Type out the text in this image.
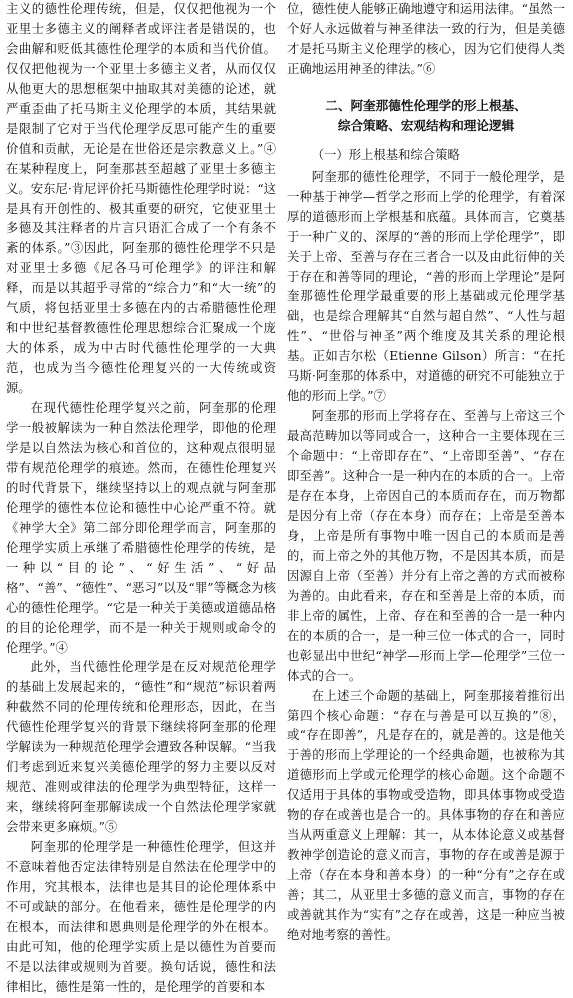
主义的德性伦理传统，但是，仅仅把他视为一个亚里士多德主义的阐释者或评注者是错误的，也会曲解和贬低其德性伦理学的本质和当代价值。仅仅把他视为一个亚里士多德主义者，从而仅仅从他更大的思想框架中抽取其对美德的论述，就严重歪曲了托马斯主义伦理学的本质，其结果就是限制了它对于当代伦理学反思可能产生的重要价值和贡献，无论是在世俗还是宗教意义上。”④在某种程度上，阿奎那甚至超越了亚里士多德主义。安东尼·肯尼评价托马斯德性伦理学时说：“这是具有开创性的、极其重要的研究，它使亚里士多德及其注释者的片言只语汇合成了一个有条不紊的体系。”③因此，阿奎那的德性伦理学不只是对亚里士多德《尼各马可伦理学》的评注和解释，而是以其超乎寻常的“综合力”和“大一统”的气质，将包括亚里士多德在内的古希腊德性伦理和中世纪基督教德性伦理思想综合汇聚成一个庞大的体系，成为中古时代德性伦理学的一大典范，也成为当今德性伦理复兴的一大传统或资源。

在现代德性伦理学复兴之前，阿奎那的伦理学一般被解读为一种自然法伦理学，即他的伦理学是以自然法为核心和首位的，这种观点很明显带有规范伦理学的痕迹。然而，在德性伦理复兴的时代背景下，继续坚持以上的观点就与阿奎那伦理学的德性本位论和德性中心论严重不符。就《神学大全》第二部分即伦理学而言，阿奎那的伦理学实质上承继了希腊德性伦理学的传统，是一种以“目的论”、“好生活”、“好品格”、“善”、“德性”、“恶习”以及“罪”等概念为核心的德性伦理学。“它是一种关于美德或道德品格的目的论伦理学，而不是一种关于规则或命令的伦理学。”④

此外，当代德性伦理学是在反对规范伦理学的基础上发展起来的，“德性”和“规范”标识着两种截然不同的伦理传统和伦理形态，因此，在当代德性伦理学复兴的背景下继续将阿奎那的伦理学解读为一种规范伦理学会遭致各种误解。“当我们考虑到近来复兴美德伦理学的努力主要以反对规范、准则或律法的伦理学为典型特征，这样一来，继续将阿奎那解读成一个自然法伦理学家就会带来更多麻烦。”⑤

阿奎那的伦理学是一种德性伦理学，但这并不意味着他否定法律特别是自然法在伦理学中的作用，究其根本，法律也是其目的论伦理体系中不可或缺的部分。在他看来，德性是伦理学的内在根本，而法律和恩典则是伦理学的外在根本。由此可知，他的伦理学实质上是以德性为首要而不是以法律或规则为首要。换句话说，德性和法律相比，德性是第一性的，是伦理学的首要和本

位，德性使人能够正确地遵守和运用法律。“虽然一个好人永远做着与神圣律法一致的行为，但是美德才是托马斯主义伦理学的核心，因为它们使得人类正确地运用神圣的律法。”⑥

二、阿奎那德性伦理学的形上根基、
综合策略、宏观结构和理论逻辑

（一）形上根基和综合策略

阿奎那的德性伦理学，不同于一般伦理学，是一种基于神学—哲学之形而上学的伦理学，有着深厚的道德形而上学根基和底蕴。具体而言，它奠基于一种广义的、深厚的“善的形而上学伦理学”，即关于上帝、至善与存在三者合一以及由此衍伸的关于存在和善等同的理论，“善的形而上学理论”是阿奎那德性伦理学最重要的形上基础或元伦理学基础，也是综合理解其“自然与超自然”、“人性与超性”、“世俗与神圣”两个维度及其关系的理论根基。正如吉尔松（Etienne Gilson）所言：“在托马斯·阿奎那的体系中，对道德的研究不可能独立于他的形而上学。”⑦

阿奎那的形而上学将存在、至善与上帝这三个最高范畴加以等同或合一，这种合一主要体现在三个命题中：“上帝即存在”、“上帝即至善”、“存在即至善”。这种合一是一种内在的本质的合一。上帝是存在本身，上帝因自己的本质而存在，而万物都是因分有上帝（存在本身）而存在；上帝是至善本身，上帝是所有事物中唯一因自己的本质而是善的，而上帝之外的其他万物，不是因其本质，而是因源自上帝（至善）并分有上帝之善的方式而被称为善的。由此看来，存在和至善是上帝的本质，而非上帝的属性，上帝、存在和至善的合一是一种内在的本质的合一，是一种三位一体式的合一，同时也彰显出中世纪“神学—形而上学—伦理学”三位一体式的合一。

在上述三个命题的基础上，阿奎那接着推衍出第四个核心命题：“存在与善是可以互换的”⑧，或“存在即善”，凡是存在的，就是善的。这是他关于善的形而上学理论的一个经典命题，也被称为其道德形而上学或元伦理学的核心命题。这个命题不仅适用于具体的事物或受造物，即具体事物或受造物的存在或善也是合一的。具体事物的存在和善应当从两重意义上理解：其一，从本体论意义或基督教神学创造论的意义而言，事物的存在或善是源于上帝（存在本身和善本身）的一种“分有”之存在或善；其二，从亚里士多德的意义而言，事物的存在或善就其作为“实有”之存在或善，这是一种应当被绝对地考察的善性。
